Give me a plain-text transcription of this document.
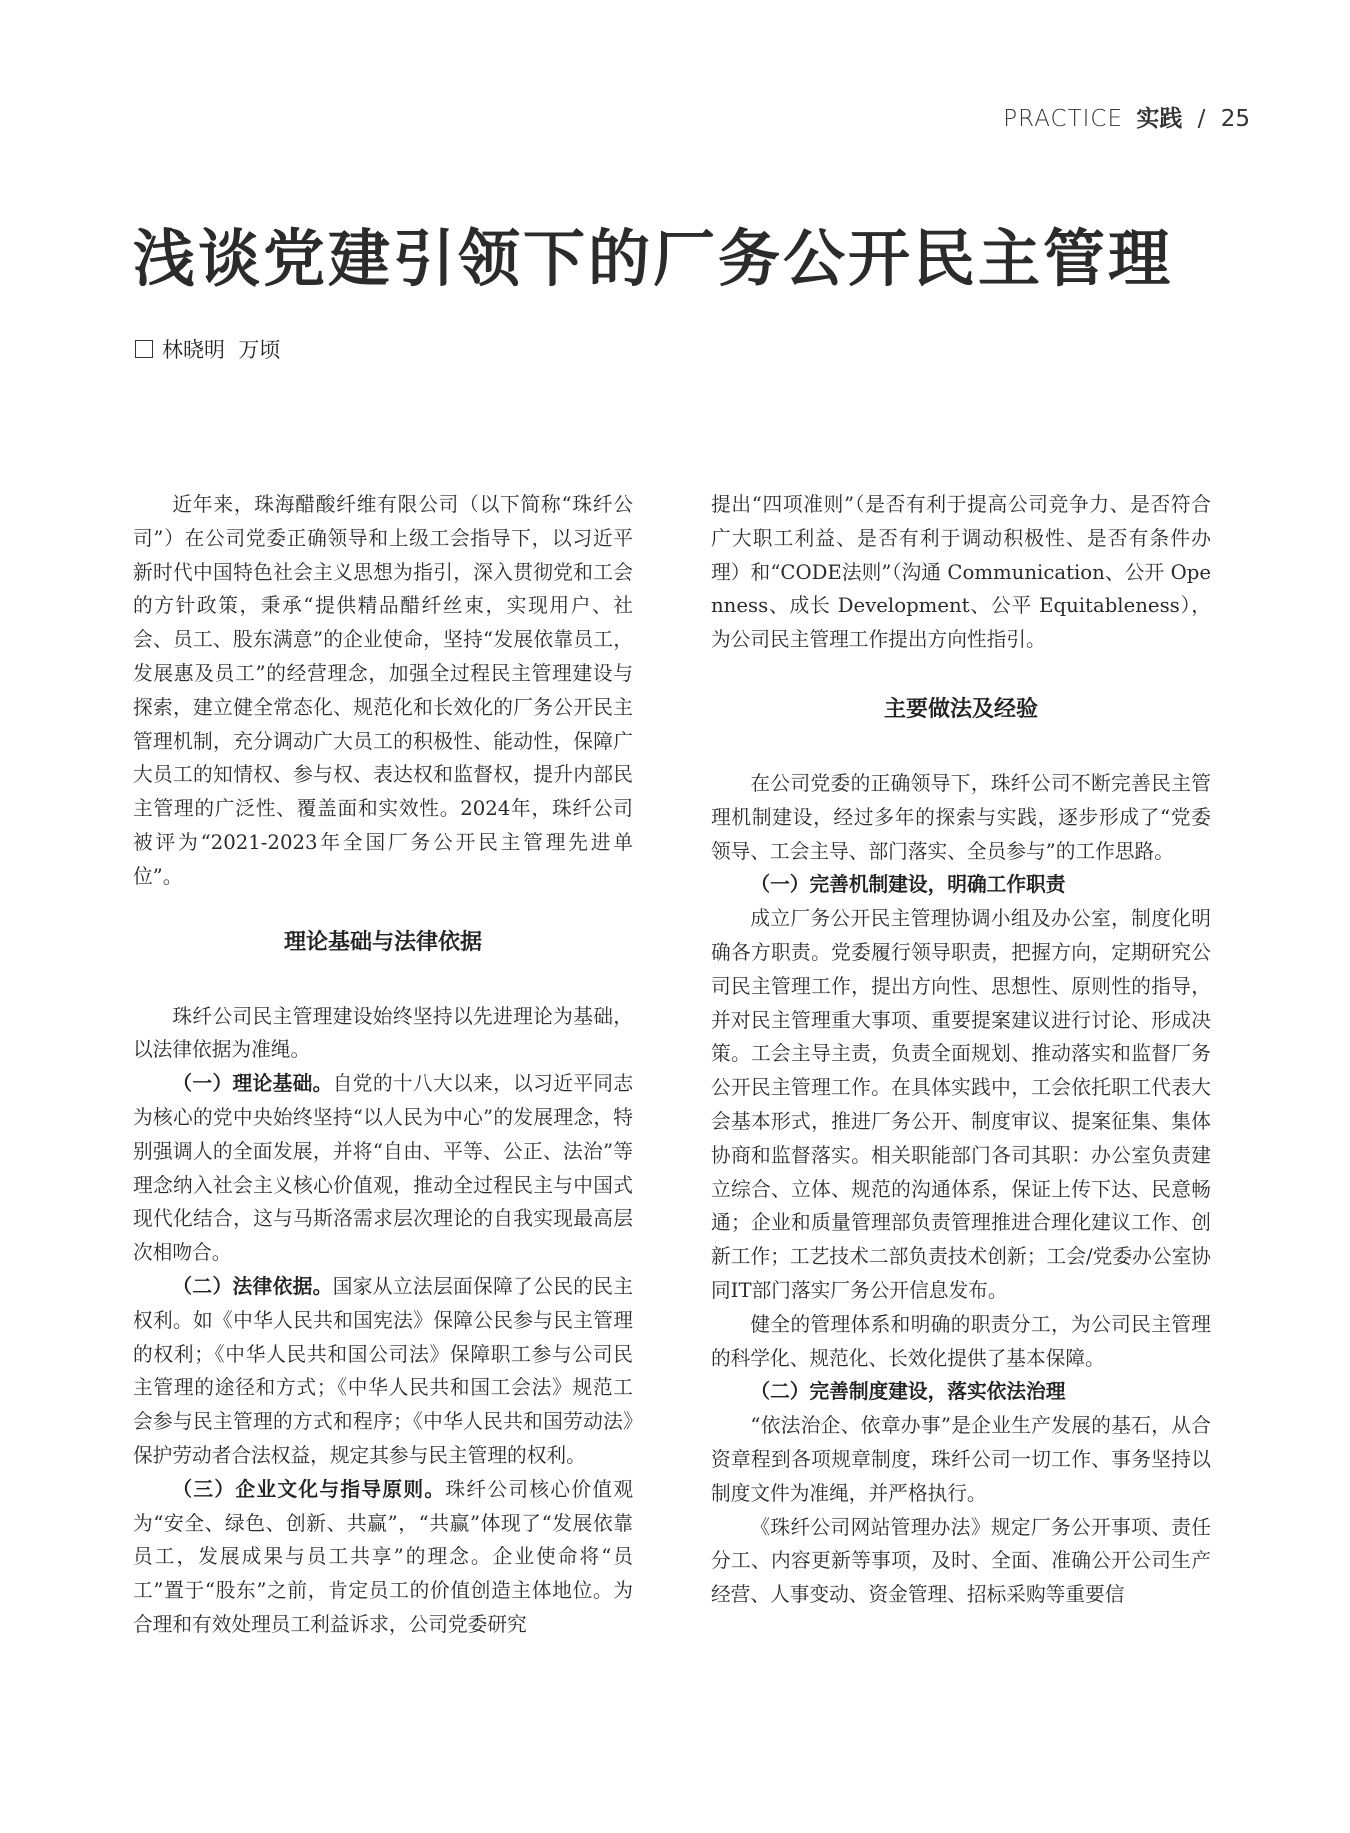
PRACTICE 实践 / 25
浅谈党建引领下的厂务公开民主管理
林晓明  万顷

近年来，珠海醋酸纤维有限公司（以下简称“珠纤公司”）在公司党委正确领导和上级工会指导下，以习近平新时代中国特色社会主义思想为指引，深入贯彻党和工会的方针政策，秉承“提供精品醋纤丝束，实现用户、社会、员工、股东满意”的企业使命，坚持“发展依靠员工，发展惠及员工”的经营理念，加强全过程民主管理建设与探索，建立健全常态化、规范化和长效化的厂务公开民主管理机制，充分调动广大员工的积极性、能动性，保障广大员工的知情权、参与权、表达权和监督权，提升内部民主管理的广泛性、覆盖面和实效性。2024年，珠纤公司被评为“2021-2023年全国厂务公开民主管理先进单位”。

理论基础与法律依据

珠纤公司民主管理建设始终坚持以先进理论为基础，以法律依据为准绳。

（一）理论基础。自党的十八大以来，以习近平同志为核心的党中央始终坚持“以人民为中心”的发展理念，特别强调人的全面发展，并将“自由、平等、公正、法治”等理念纳入社会主义核心价值观，推动全过程民主与中国式现代化结合，这与马斯洛需求层次理论的自我实现最高层次相吻合。

（二）法律依据。国家从立法层面保障了公民的民主权利。如《中华人民共和国宪法》保障公民参与民主管理的权利；《中华人民共和国公司法》保障职工参与公司民主管理的途径和方式；《中华人民共和国工会法》规范工会参与民主管理的方式和程序；《中华人民共和国劳动法》保护劳动者合法权益，规定其参与民主管理的权利。

（三）企业文化与指导原则。珠纤公司核心价值观为“安全、绿色、创新、共赢”，“共赢”体现了“发展依靠员工，发展成果与员工共享”的理念。企业使命将“员工”置于“股东”之前，肯定员工的价值创造主体地位。为合理和有效处理员工利益诉求，公司党委研究

提出“四项准则”（是否有利于提高公司竞争力、是否符合广大职工利益、是否有利于调动积极性、是否有条件办理）和“CODE法则”（沟通 Communication、公开 Openness、成长 Development、公平 Equitableness），为公司民主管理工作提出方向性指引。

主要做法及经验

在公司党委的正确领导下，珠纤公司不断完善民主管理机制建设，经过多年的探索与实践，逐步形成了“党委领导、工会主导、部门落实、全员参与”的工作思路。

（一）完善机制建设，明确工作职责

成立厂务公开民主管理协调小组及办公室，制度化明确各方职责。党委履行领导职责，把握方向，定期研究公司民主管理工作，提出方向性、思想性、原则性的指导，并对民主管理重大事项、重要提案建议进行讨论、形成决策。工会主导主责，负责全面规划、推动落实和监督厂务公开民主管理工作。在具体实践中，工会依托职工代表大会基本形式，推进厂务公开、制度审议、提案征集、集体协商和监督落实。相关职能部门各司其职：办公室负责建立综合、立体、规范的沟通体系，保证上传下达、民意畅通；企业和质量管理部负责管理推进合理化建议工作、创新工作；工艺技术二部负责技术创新；工会/党委办公室协同IT部门落实厂务公开信息发布。

健全的管理体系和明确的职责分工，为公司民主管理的科学化、规范化、长效化提供了基本保障。

（二）完善制度建设，落实依法治理

“依法治企、依章办事”是企业生产发展的基石，从合资章程到各项规章制度，珠纤公司一切工作、事务坚持以制度文件为准绳，并严格执行。

《珠纤公司网站管理办法》规定厂务公开事项、责任分工、内容更新等事项，及时、全面、准确公开公司生产经营、人事变动、资金管理、招标采购等重要信
